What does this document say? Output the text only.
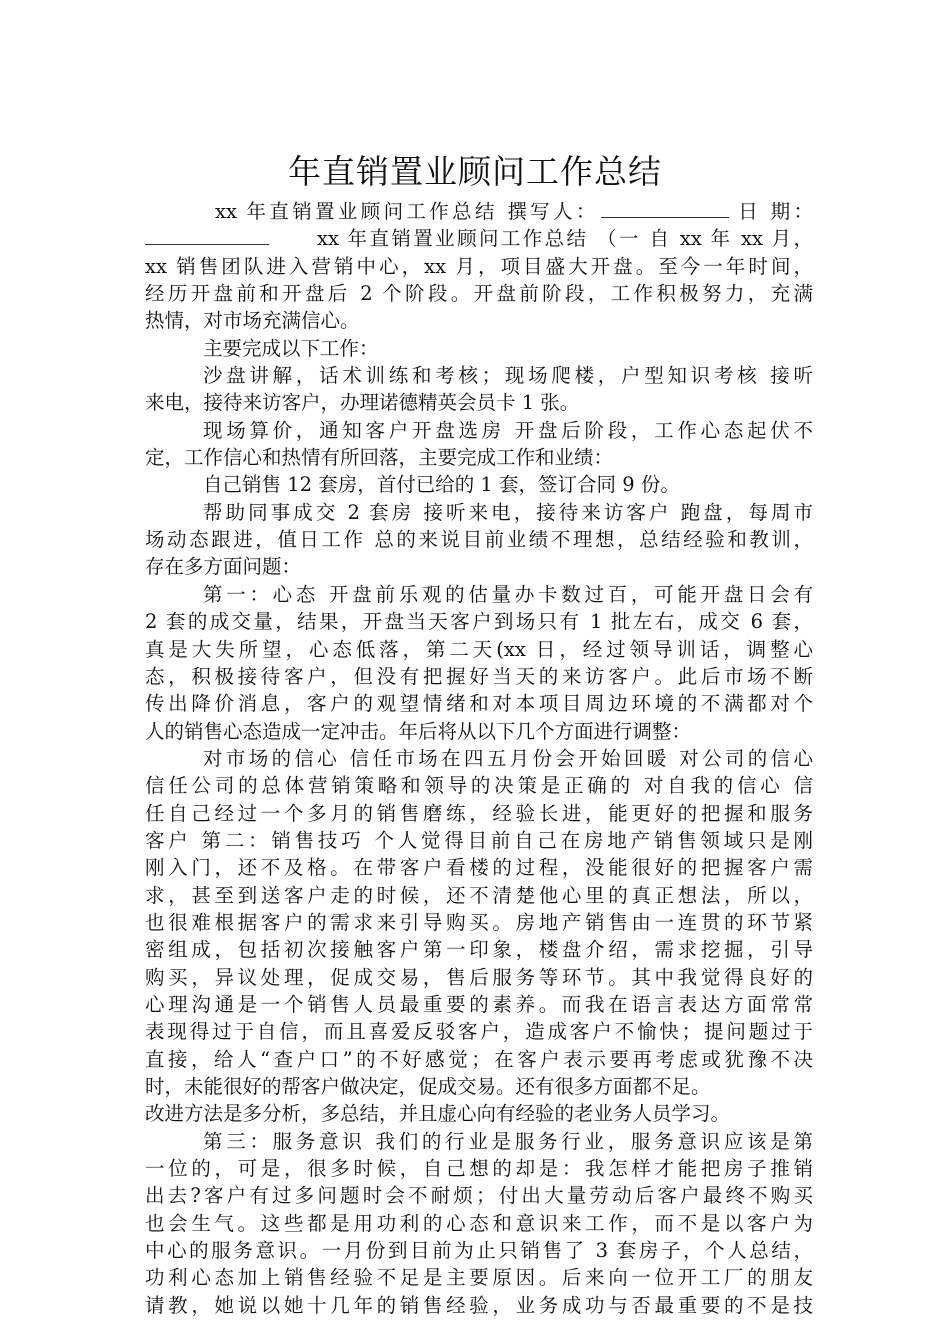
年直销置业顾问工作总结
xx 年直销置业顾问工作总结 撰写人：	日 期：
xx 年直销置业顾问工作总结 （一 自 xx 年 xx 月，
xx 销售团队进入营销中心，xx 月，项目盛大开盘。至今一年时间，
经历开盘前和开盘后 2 个阶段。开盘前阶段，工作积极努力，充满
热情，对市场充满信心。
主要完成以下工作：
沙盘讲解，话术训练和考核；现场爬楼，户型知识考核 接听
来电，接待来访客户，办理诺德精英会员卡 1 张。
现场算价，通知客户开盘选房 开盘后阶段，工作心态起伏不
定，工作信心和热情有所回落，主要完成工作和业绩：
自己销售 12 套房，首付已给的 1 套，签订合同 9 份。
帮助同事成交 2 套房 接听来电，接待来访客户 跑盘，每周市
场动态跟进，值日工作 总的来说目前业绩不理想，总结经验和教训，
存在多方面问题：
第一：心态 开盘前乐观的估量办卡数过百，可能开盘日会有
2 套的成交量，结果，开盘当天客户到场只有 1 批左右，成交 6 套，
真是大失所望，心态低落，第二天(xx 日，经过领导训话，调整心
态，积极接待客户，但没有把握好当天的来访客户。此后市场不断
传出降价消息，客户的观望情绪和对本项目周边环境的不满都对个
人的销售心态造成一定冲击。年后将从以下几个方面进行调整：
对市场的信心 信任市场在四五月份会开始回暖 对公司的信心
信任公司的总体营销策略和领导的决策是正确的 对自我的信心 信
任自己经过一个多月的销售磨练，经验长进，能更好的把握和服务
客户 第二：销售技巧 个人觉得目前自己在房地产销售领域只是刚
刚入门，还不及格。在带客户看楼的过程，没能很好的把握客户需
求，甚至到送客户走的时候，还不清楚他心里的真正想法，所以，
也很难根据客户的需求来引导购买。房地产销售由一连贯的环节紧
密组成，包括初次接触客户第一印象，楼盘介绍，需求挖掘，引导
购买，异议处理，促成交易，售后服务等环节。其中我觉得良好的
心理沟通是一个销售人员最重要的素养。而我在语言表达方面常常
表现得过于自信，而且喜爱反驳客户，造成客户不愉快；提问题过于
直接，给人“查户口”的不好感觉；在客户表示要再考虑或犹豫不决
时，未能很好的帮客户做决定，促成交易。还有很多方面都不足。
改进方法是多分析，多总结，并且虚心向有经验的老业务人员学习。
第三：服务意识 我们的行业是服务行业，服务意识应该是第
一位的，可是，很多时候，自己想的却是：我怎样才能把房子推销
出去?客户有过多问题时会不耐烦；付出大量劳动后客户最终不购买
也会生气。这些都是用功利的心态和意识来工作，而不是以客户为
中心的服务意识。一月份到目前为止只销售了 3 套房子，个人总结，
功利心态加上销售经验不足是主要原因。后来向一位开工厂的朋友
请教，她说以她十几年的销售经验，业务成功与否最重要的不是技
